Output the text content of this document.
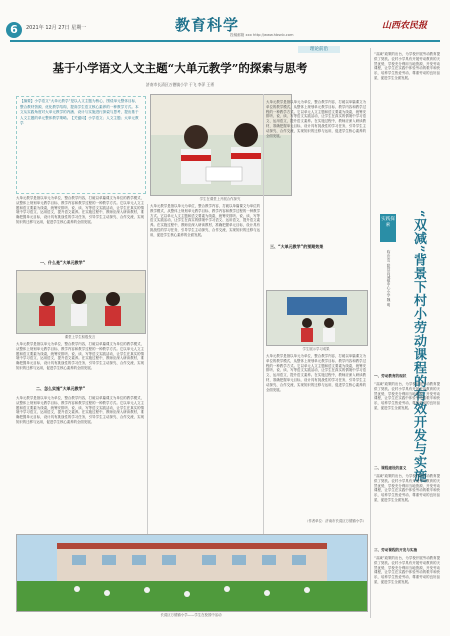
6	2021年 12月 27日 星期一	教育科学
投稿邮箱 xxx http://www.hbsnb.com
山西农民报
理论前沿
基于小学语文人文主题“大单元教学”的探索与思考
济南市长清区万德镇小学 于飞 李萍 王勇
【摘要】小学语文“大单元教学”是以人文主题为核心，围绕单元整体目标，整合教材资源，优化教学结构，提高学生语文核心素养的一种教学方式。本文从实践角度对大单元教学的内涵、设计与实施进行探索与思考，提出基于人文主题的单元整体教学策略。【关键词】小学语文；人文主题；大单元教学
学生在课堂上开展合作探究
大单元教学是指以单元为单位，整合教学内容，打破以单篇课文为单位的教学模式，从整体上规划单元教学目标、教学内容和教学过程的一种教学方式。它以单元人文主题和语文要素为线索，统筹安排听、说、读、写等语文实践活动，让学生在真实的情境中学习语文、运用语文，提升语文素养。在实施过程中，教师应深入研读教材，准确把握单元目标，设计具有挑战性的学习任务，引导学生主动探究、合作交流，实现知识的迁移与运用，促进学生核心素养的全面发展。
一、什么是“大单元教学”
课堂上学生积极发言
大单元教学是指以单元为单位，整合教学内容，打破以单篇课文为单位的教学模式，从整体上规划单元教学目标、教学内容和教学过程的一种教学方式。它以单元人文主题和语文要素为线索，统筹安排听、说、读、写等语文实践活动，让学生在真实的情境中学习语文、运用语文，提升语文素养。在实施过程中，教师应深入研读教材，准确把握单元目标，设计具有挑战性的学习任务，引导学生主动探究、合作交流，实现知识的迁移与运用，促进学生核心素养的全面发展。
二、怎么实施“大单元教学”
大单元教学是指以单元为单位，整合教学内容，打破以单篇课文为单位的教学模式，从整体上规划单元教学目标、教学内容和教学过程的一种教学方式。它以单元人文主题和语文要素为线索，统筹安排听、说、读、写等语文实践活动，让学生在真实的情境中学习语文、运用语文，提升语文素养。在实施过程中，教师应深入研读教材，准确把握单元目标，设计具有挑战性的学习任务，引导学生主动探究、合作交流，实现知识的迁移与运用，促进学生核心素养的全面发展。
大单元教学是指以单元为单位，整合教学内容，打破以单篇课文为单位的教学模式，从整体上规划单元教学目标、教学内容和教学过程的一种教学方式。它以单元人文主题和语文要素为线索，统筹安排听、说、读、写等语文实践活动，让学生在真实的情境中学习语文、运用语文，提升语文素养。在实施过程中，教师应深入研读教材，准确把握单元目标，设计具有挑战性的学习任务，引导学生主动探究、合作交流，实现知识的迁移与运用，促进学生核心素养的全面发展。
大单元教学是指以单元为单位，整合教学内容，打破以单篇课文为单位的教学模式，从整体上规划单元教学目标、教学内容和教学过程的一种教学方式。它以单元人文主题和语文要素为线索，统筹安排听、说、读、写等语文实践活动，让学生在真实的情境中学习语文、运用语文，提升语文素养。在实施过程中，教师应深入研读教材，准确把握单元目标，设计具有挑战性的学习任务，引导学生主动探究、合作交流，实现知识的迁移与运用，促进学生核心素养的全面发展。
三、“大单元教学”的预期效果
学生展示学习成果
大单元教学是指以单元为单位，整合教学内容，打破以单篇课文为单位的教学模式，从整体上规划单元教学目标、教学内容和教学过程的一种教学方式。它以单元人文主题和语文要素为线索，统筹安排听、说、读、写等语文实践活动，让学生在真实的情境中学习语文、运用语文，提升语文素养。在实施过程中，教师应深入研读教材，准确把握单元目标，设计具有挑战性的学习任务，引导学生主动探究、合作交流，实现知识的迁移与运用，促进学生核心素养的全面发展。
（作者单位：济南市长清区万德镇小学）
长清区万德镇小学——学生在校园中活动
“双减”政策的出台，为学校开展劳动教育提供了契机。农村小学具有开展劳动教育的天然优势，学校充分利用当地资源，开发劳动课程，让学生在实践中体验劳动的艰辛和快乐，培养学生热爱劳动、尊重劳动的良好品质，促进学生全面发展。
实践探索	“双减”背景下村小劳动课程的有效开发与实施
临沂市兰陵县向城镇中心小学 魏 明
一、劳动教育的现状
“双减”政策的出台，为学校开展劳动教育提供了契机。农村小学具有开展劳动教育的天然优势，学校充分利用当地资源，开发劳动课程，让学生在实践中体验劳动的艰辛和快乐，培养学生热爱劳动、尊重劳动的良好品质，促进学生全面发展。
二、课程建设的意义
“双减”政策的出台，为学校开展劳动教育提供了契机。农村小学具有开展劳动教育的天然优势，学校充分利用当地资源，开发劳动课程，让学生在实践中体验劳动的艰辛和快乐，培养学生热爱劳动、尊重劳动的良好品质，促进学生全面发展。
三、劳动课程的开发与实施
“双减”政策的出台，为学校开展劳动教育提供了契机。农村小学具有开展劳动教育的天然优势，学校充分利用当地资源，开发劳动课程，让学生在实践中体验劳动的艰辛和快乐，培养学生热爱劳动、尊重劳动的良好品质，促进学生全面发展。
